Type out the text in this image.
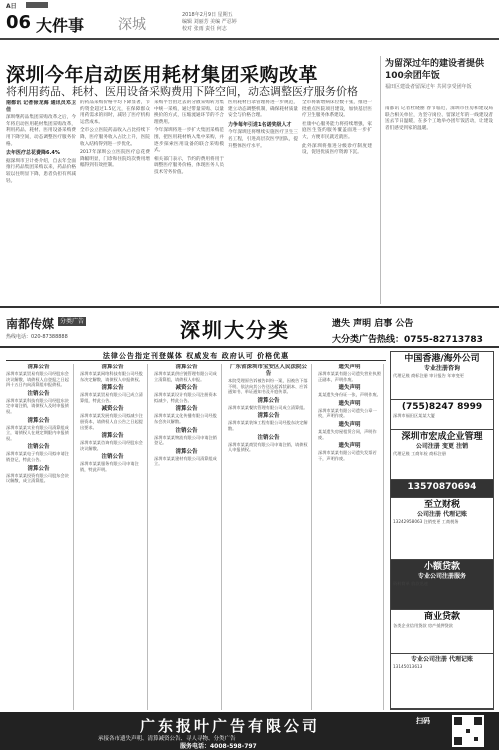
A日
06 大件事 深城
2018年2月9日 星期五
编辑 刘丽芳 美编 严忍婷
校对 张雨 责任 何志
深圳今年启动医用耗材集团采购改革
将利用药品、耗材、医用设备采购费用下降空间，动态调整医疗服务价格
为留深过年的建设者提供100余团年饭
福田区建设者留深过年 共同享受团年饭

南都讯 记者杜晓丽 春节临近，深圳市住房和建设局联合相关单位，为坚守岗位、留深过年的一线建设者送去节日温暖，在多个工地举办团年饭活动，让建设者们感受到家的温暖。

南都讯 记者徐龙海 通讯员邓卫佳

深圳继药品集团采购改革之后，今年将启动医用耗材集团采购改革，利用药品、耗材、医用设备采购费用下降空间，动态调整医疗服务价格。

去年医疗总花费降6.4%

据深圳市卫计委介绍，自去年全面推行药品集团采购以来，药品价格较以往明显下降，患者负担有所减轻。

的药品采购价格平均下降显著，节约资金超过1.5亿元，在保障群众用药需求的同时，减轻了医疗机构运营成本。

全市公立医院药品收入占比持续下降，医疗服务收入占比上升，医院收入结构得到进一步优化。

2017年深圳公立医院医疗总花费降幅明显，门诊和住院均次费用增幅得到有效控制。

采购平台由过去的分散采购转为集中统一采购，通过带量采购、以量换价的方式，压缩流通环节的不合理费用。

今年深圳将进一步扩大集团采购范围，把医用耗材纳入集中采购，并逐步探索医用设备的联合采购模式。

相关部门表示，节约的费用将用于调整医疗服务价格，体现医务人员技术劳务价值。

医用耗材目录管理将进一步规范，建立动态调整机制，确保耗材质量安全与价格合理。

力争每年引进1名诺奖级人才

今年深圳还将继续实施医疗卫生三名工程，引进高层次医学团队，提升整体医疗水平。

全市将新增病床位数千张，推进一批重点医院项目建设，加快基层医疗卫生服务体系建设。

社康中心服务能力将持续增强，家庭医生签约服务覆盖面进一步扩大，方便市民就近就医。

此外深圳将推进分级诊疗制度建设，促进优质医疗资源下沉。

南都传媒 分类广告
热线电话：020-87388888	深圳大分类	遗失 声明 启事 公告
大分类广告热线：0755-82713783
法律公告指定刊登媒体 权威发布 政府认可 价格优惠
清算公告
深圳市某某贸易有限公司经股东会决议解散，请债权人自登报之日起四十五日内向清算组申报债权。
注销公告
深圳市某某科技有限公司经股东决定申请注销，请债权人及时申报债权。
清算公告
深圳市某某实业有限公司清算组成立，请债权人在规定期限内申报债权。
注销公告
深圳市某某电子有限公司拟申请注销登记，特此公告。
清算公告
深圳市某某投资有限公司股东会决议解散，成立清算组。
清算公告
深圳市某某网络科技有限公司经股东决定解散，请债权人申报债权。
清算公告
深圳市某某贸易有限公司已成立清算组，特此公告。
减资公告
深圳市某某发展有限公司拟减少注册资本，请债权人自公告之日起提出要求。
清算公告
深圳市某某咨询有限公司经股东会决议解散。
注销公告
深圳市某某服务有限公司申请注销，特此声明。
清算公告
深圳市某某供应链管理有限公司成立清算组，请债权人申报。
减资公告
深圳市某某设计有限公司注册资本拟减少，特此公告。
清算公告
深圳市某某文化传播有限公司经股东会决议解散。
注销公告
深圳市某某物流有限公司申请注销登记。
清算公告
深圳市某某建材有限公司清算组成立。
广东省深圳市宝安区人民法院公告
本院受理原告诉被告纠纷一案，因被告下落不明，依法向其公告送达起诉状副本、应诉通知书、举证通知书及开庭传票。
清算公告
深圳市某某餐饮管理有限公司成立清算组。
清算公告
深圳市某某装饰工程有限公司经股东决定解散。
注销公告
深圳市某某商贸有限公司申请注销，请债权人申报债权。
遗失声明
深圳市某某有限公司遗失营业执照正副本，声明作废。
遗失声明
某某遗失身份证一张，声明作废。
遗失声明
深圳市某某有限公司遗失公章一枚，声明作废。
遗失声明
某某遗失房屋租赁合同，声明作废。
遗失声明
深圳市某某有限公司遗失发票若干，声明作废。
中国香港/海外公司
专业注册咨询
代理记账 商标注册 审计报告 年审变更
(755)8247 8999
深圳市福田区某某大厦
深圳市宏成企业管理
公司注册 变更 注销
代理记账 工商年检 商标注册
13570870694
至立财税
公司注册 代理记账
13242958063 注销变更 工商税务
小额贷款
专业公司注册服务
资料简单 放款迅速
商业贷款
各类企业信用贷款 房产抵押贷款
专业公司注册 代理记账
13145013613
广东报叶广告有限公司
承接各市遗失声明、清算减资公告、寻人寻物、分类广告
服务电话：4008-598-797
扫码
